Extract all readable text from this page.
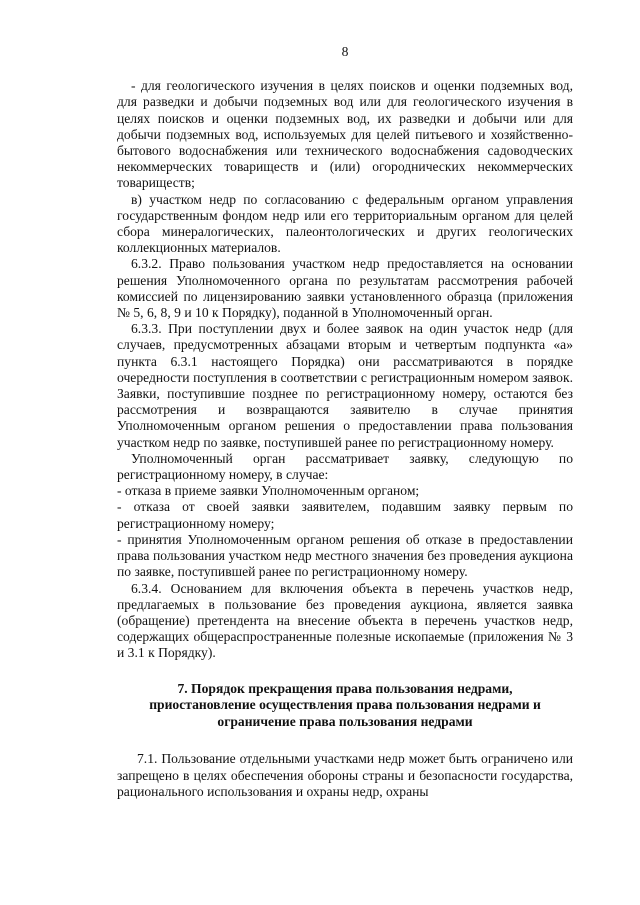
8

- для геологического изучения в целях поисков и оценки подземных вод, для разведки и добычи подземных вод или для геологического изучения в целях поисков и оценки подземных вод, их разведки и добычи или для добычи подземных вод, используемых для целей питьевого и хозяйственно-бытового водоснабжения или технического водоснабжения садоводческих некоммерческих товариществ и (или) огороднических некоммерческих товариществ;

в) участком недр по согласованию с федеральным органом управления государственным фондом недр или его территориальным органом для целей сбора минералогических, палеонтологических и других геологических коллекционных материалов.

6.3.2. Право пользования участком недр предоставляется на основании решения Уполномоченного органа по результатам рассмотрения рабочей комиссией по лицензированию заявки установленного образца (приложения № 5, 6, 8, 9 и 10 к Порядку), поданной в Уполномоченный орган.

6.3.3. При поступлении двух и более заявок на один участок недр (для случаев, предусмотренных абзацами вторым и четвертым подпункта «а» пункта 6.3.1 настоящего Порядка) они рассматриваются в порядке очередности поступления в соответствии с регистрационным номером заявок. Заявки, поступившие позднее по регистрационному номеру, остаются без рассмотрения и возвращаются заявителю в случае принятия Уполномоченным органом решения о предоставлении права пользования участком недр по заявке, поступившей ранее по регистрационному номеру.

Уполномоченный орган рассматривает заявку, следующую по регистрационному номеру, в случае:

- отказа в приеме заявки Уполномоченным органом;

- отказа от своей заявки заявителем, подавшим заявку первым по регистрационному номеру;

- принятия Уполномоченным органом решения об отказе в предоставлении права пользования участком недр местного значения без проведения аукциона по заявке, поступившей ранее по регистрационному номеру.

6.3.4. Основанием для включения объекта в перечень участков недр, предлагаемых в пользование без проведения аукциона, является заявка (обращение) претендента на внесение объекта в перечень участков недр, содержащих общераспространенные полезные ископаемые (приложения № 3 и 3.1 к Порядку).

7. Порядок прекращения права пользования недрами,
приостановление осуществления права пользования недрами и
ограничение права пользования недрами

7.1. Пользование отдельными участками недр может быть ограничено или запрещено в целях обеспечения обороны страны и безопасности государства, рационального использования и охраны недр, охраны
